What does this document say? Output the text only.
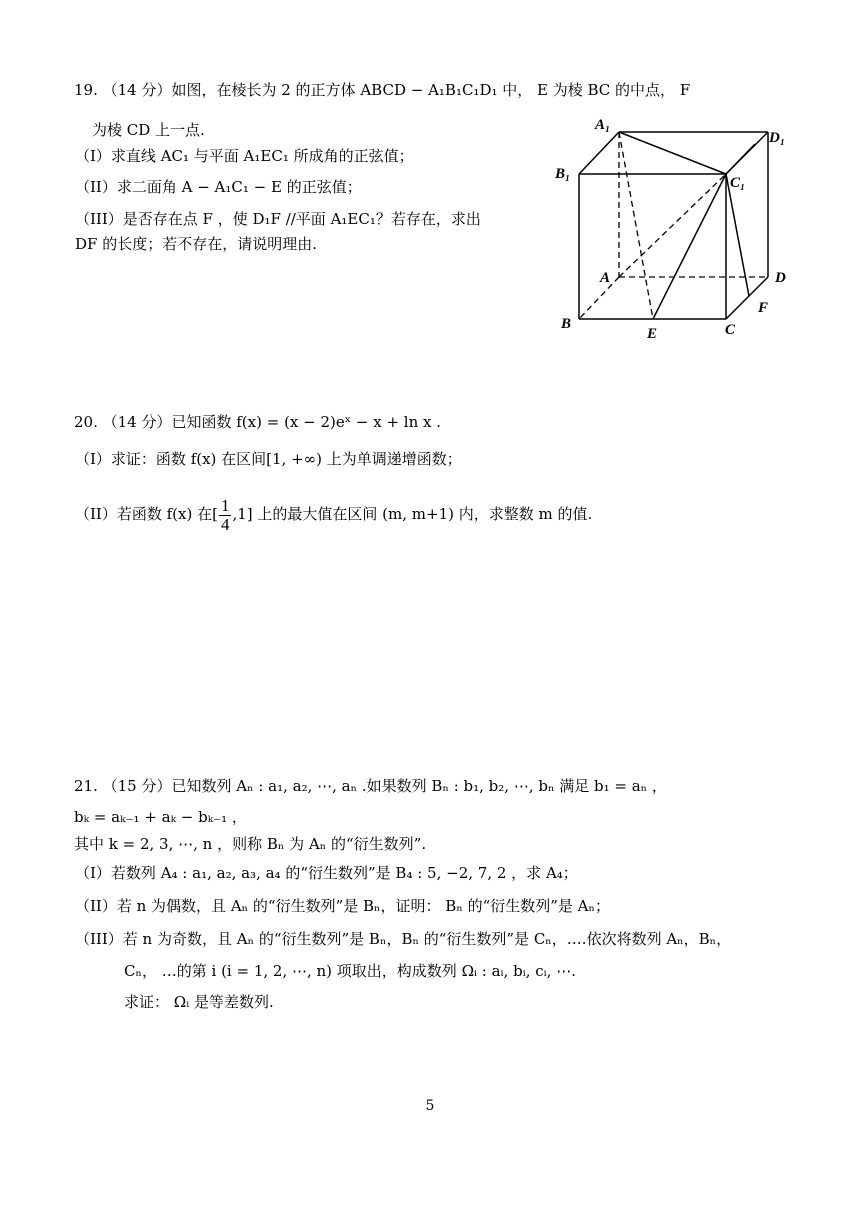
19. （14 分）如图，在棱长为 2 的正方体 ABCD − A₁B₁C₁D₁ 中， E 为棱 BC 的中点， F
为棱 CD 上一点.
（I）求直线 AC₁ 与平面 A₁EC₁ 所成角的正弦值；
（II）求二面角 A − A₁C₁ − E 的正弦值；
（III）是否存在点 F ，使 D₁F //平面 A₁EC₁？若存在，求出
DF 的长度；若不存在，请说明理由.
A₁
D₁
B₁
C₁
A	D
F
B
E	C
20. （14 分）已知函数 f(x) = (x − 2)eˣ − x + ln x .
（I）求证：函数 f(x) 在区间[1, +∞) 上为单调递增函数；
（II）若函数 f(x) 在[ $\frac{1}{4} ,1$] 上的最大值在区间 (m, m+1) 内，求整数 m 的值.
21. （15 分）已知数列 Aₙ : a₁, a₂, ⋯, aₙ .如果数列 Bₙ : b₁, b₂, ⋯, bₙ 满足 b₁ = aₙ ，
bₖ = aₖ₋₁ + aₖ − bₖ₋₁ ，
其中 k = 2, 3, ⋯, n ，则称 Bₙ 为 Aₙ 的“衍生数列”.
（I）若数列 A₄ : a₁, a₂, a₃, a₄ 的“衍生数列”是 B₄ : 5, −2, 7, 2 ，求 A₄；
（II）若 n 为偶数，且 Aₙ 的“衍生数列”是 Bₙ，证明： Bₙ 的“衍生数列”是 Aₙ；
（III）若 n 为奇数，且 Aₙ 的“衍生数列”是 Bₙ，Bₙ 的“衍生数列”是 Cₙ，….依次将数列 Aₙ，Bₙ，
Cₙ， …的第 i (i = 1, 2, ⋯, n) 项取出，构成数列 Ωᵢ : aᵢ, bᵢ, cᵢ, ⋯.
求证： Ωᵢ 是等差数列.
5
